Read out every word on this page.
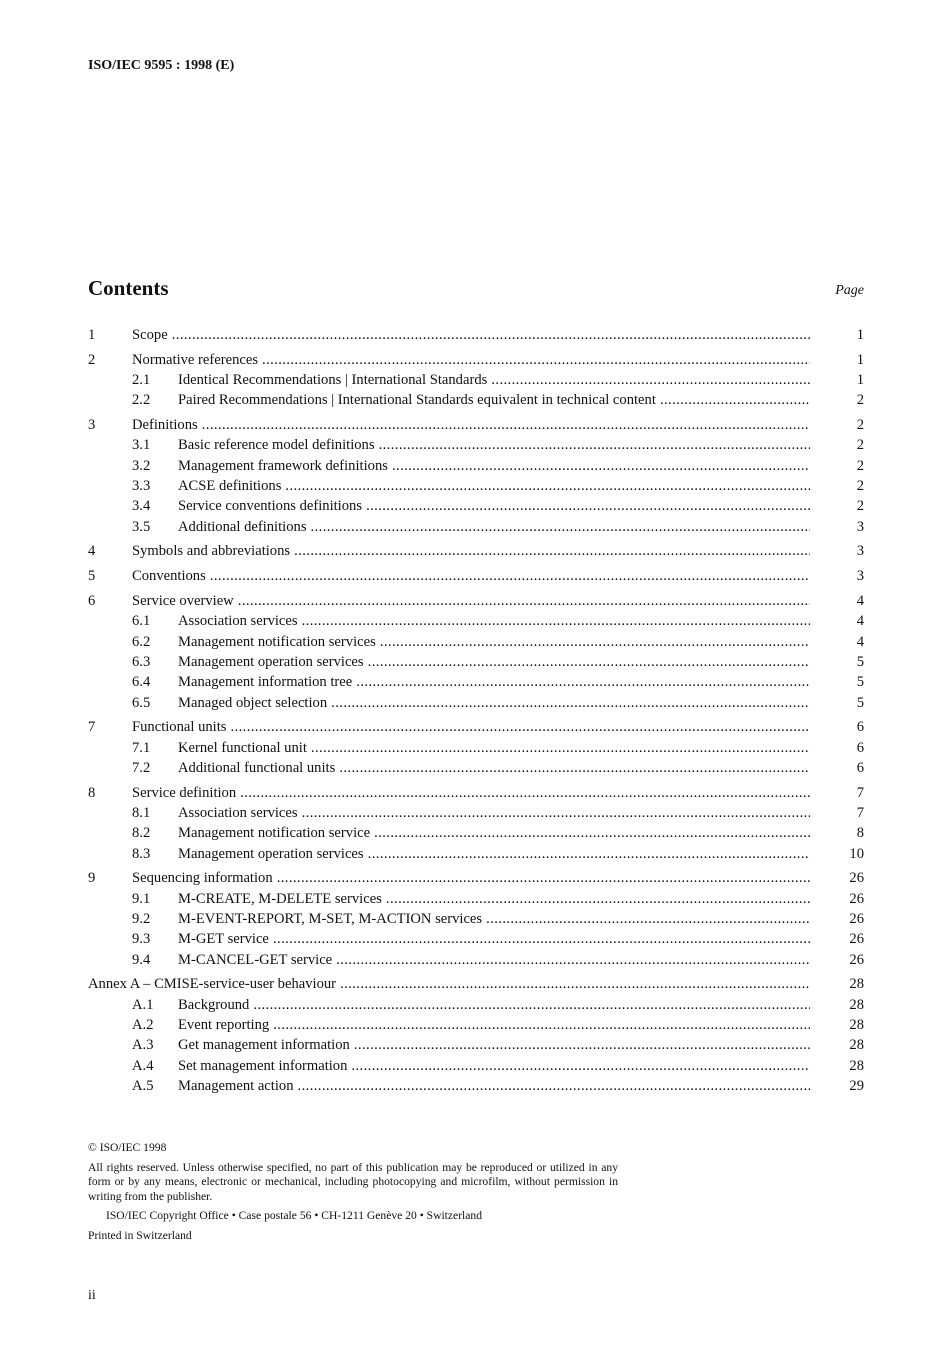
ISO/IEC 9595 : 1998 (E)
Contents	Page
1	Scope .....	1
2	Normative references .....	1
2.1 Identical Recommendations | International Standards .....	1
2.2 Paired Recommendations | International Standards equivalent in technical content .....	2
3	Definitions .....	2
3.1 Basic reference model definitions .....	2
3.2 Management framework definitions .....	2
3.3 ACSE definitions .....	2
3.4 Service conventions definitions .....	2
3.5 Additional definitions .....	3
4	Symbols and abbreviations .....	3
5	Conventions .....	3
6	Service overview .....	4
6.1 Association services .....	4
6.2 Management notification services .....	4
6.3 Management operation services .....	5
6.4 Management information tree .....	5
6.5 Managed object selection .....	5
7	Functional units .....	6
7.1 Kernel functional unit .....	6
7.2 Additional functional units .....	6
8	Service definition .....	7
8.1 Association services .....	7
8.2 Management notification service .....	8
8.3 Management operation services .....	10
9	Sequencing information .....	26
9.1 M-CREATE, M-DELETE services .....	26
9.2 M-EVENT-REPORT, M-SET, M-ACTION services .....	26
9.3 M-GET service .....	26
9.4 M-CANCEL-GET service .....	26
Annex A – CMISE-service-user behaviour .....	28
A.1 Background .....	28
A.2 Event reporting .....	28
A.3 Get management information .....	28
A.4 Set management information .....	28
A.5 Management action .....	29

© ISO/IEC 1998

All rights reserved. Unless otherwise specified, no part of this publication may be reproduced or utilized in any form or by any means, electronic or mechanical, including photocopying and microfilm, without permission in writing from the publisher.

ISO/IEC Copyright Office • Case postale 56 • CH-1211 Genève 20 • Switzerland

Printed in Switzerland

ii
